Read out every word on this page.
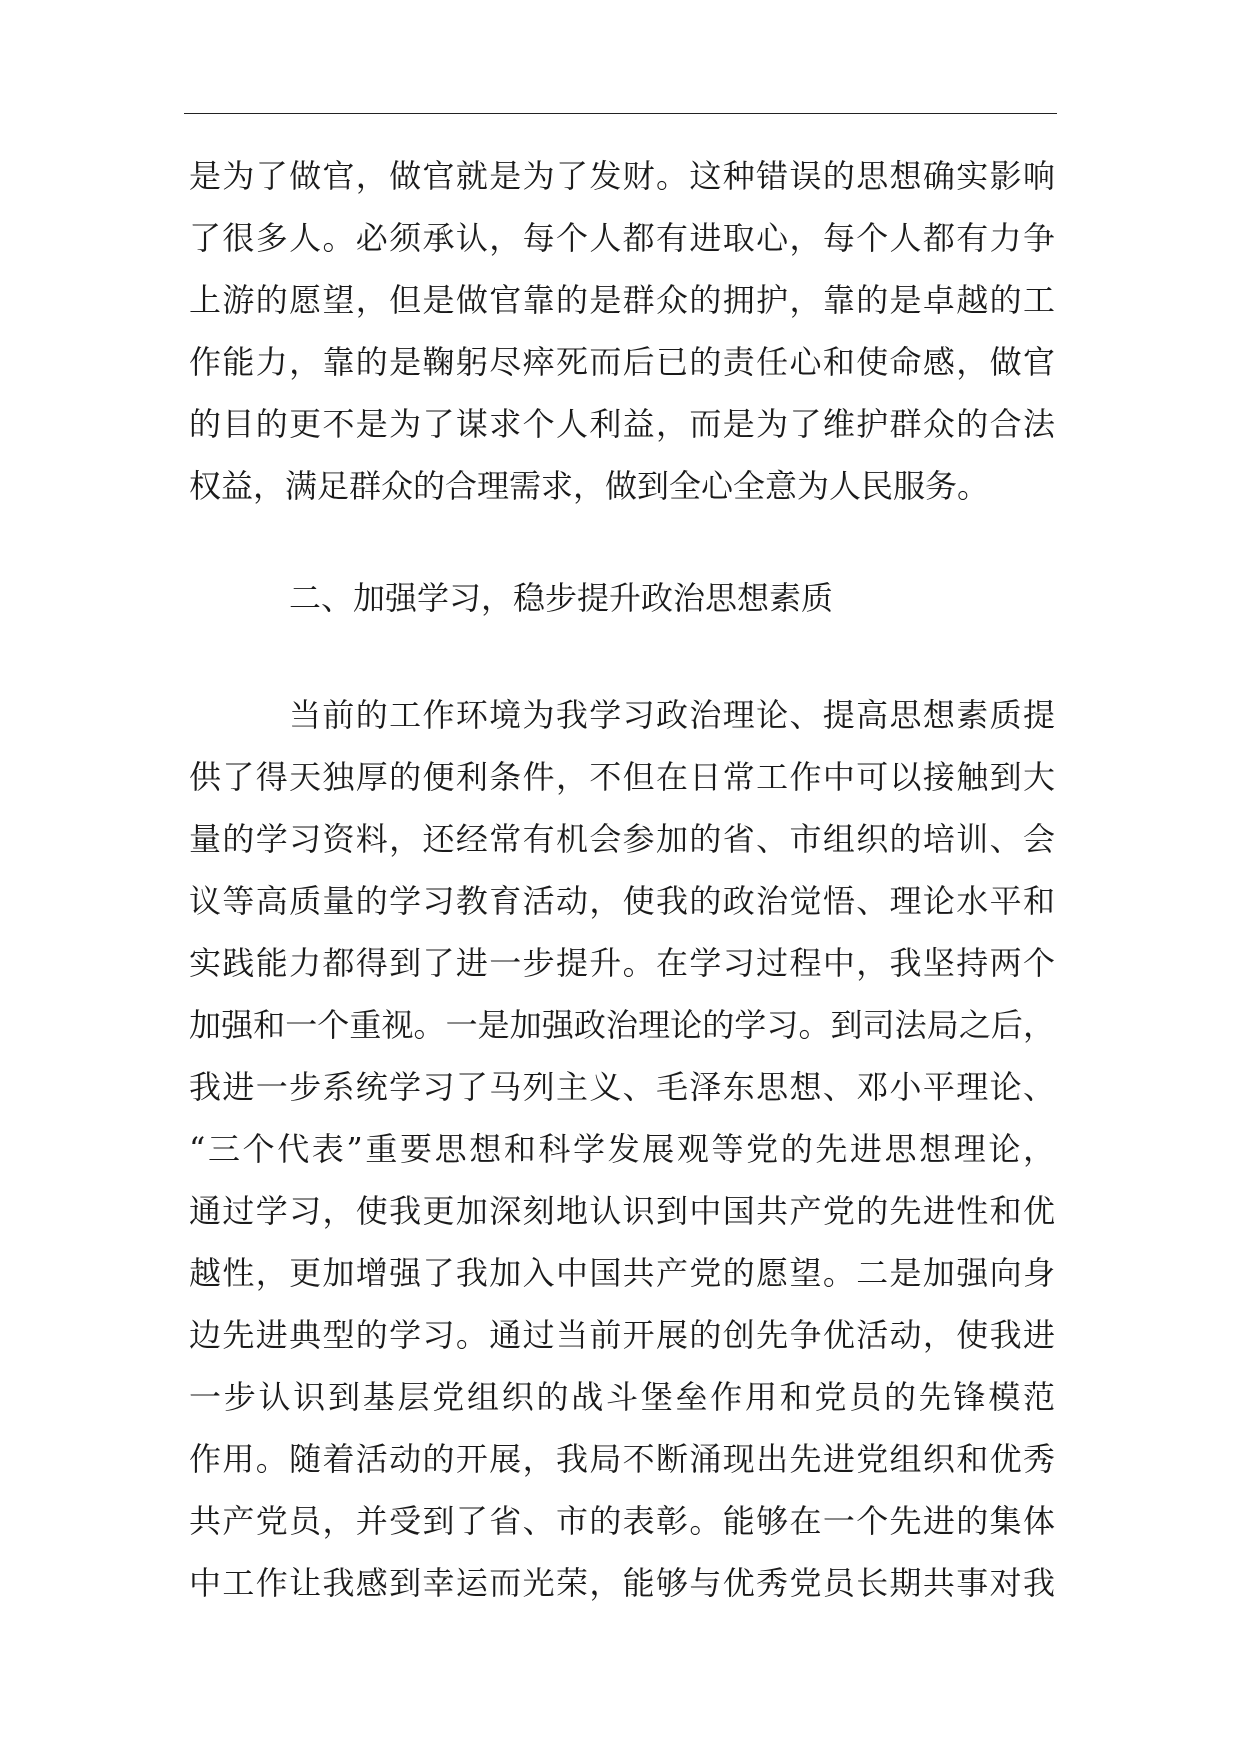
是为了做官，做官就是为了发财。这种错误的思想确实影响
了很多人。必须承认，每个人都有进取心，每个人都有力争
上游的愿望，但是做官靠的是群众的拥护，靠的是卓越的工
作能力，靠的是鞠躬尽瘁死而后已的责任心和使命感，做官
的目的更不是为了谋求个人利益，而是为了维护群众的合法
权益，满足群众的合理需求，做到全心全意为人民服务。
二、加强学习，稳步提升政治思想素质
当前的工作环境为我学习政治理论、提高思想素质提
供了得天独厚的便利条件，不但在日常工作中可以接触到大
量的学习资料，还经常有机会参加的省、市组织的培训、会
议等高质量的学习教育活动，使我的政治觉悟、理论水平和
实践能力都得到了进一步提升。在学习过程中，我坚持两个
加强和一个重视。一是加强政治理论的学习。到司法局之后，
我进一步系统学习了马列主义、毛泽东思想、邓小平理论、
“三个代表”重要思想和科学发展观等党的先进思想理论，
通过学习，使我更加深刻地认识到中国共产党的先进性和优
越性，更加增强了我加入中国共产党的愿望。二是加强向身
边先进典型的学习。通过当前开展的创先争优活动，使我进
一步认识到基层党组织的战斗堡垒作用和党员的先锋模范
作用。随着活动的开展，我局不断涌现出先进党组织和优秀
共产党员，并受到了省、市的表彰。能够在一个先进的集体
中工作让我感到幸运而光荣，能够与优秀党员长期共事对我
